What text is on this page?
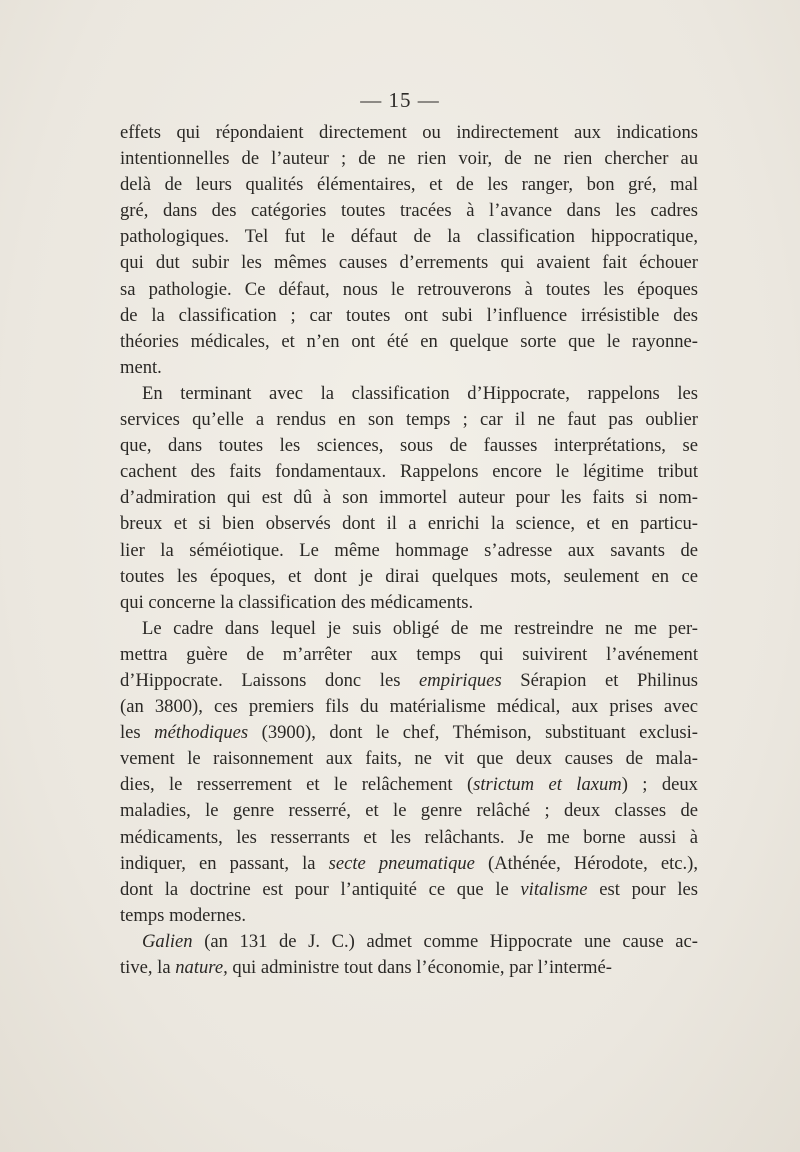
— 15 —

effets qui répondaient directement ou indirectement aux indications
intentionnelles de l’auteur ; de ne rien voir, de ne rien chercher au
delà de leurs qualités élémentaires, et de les ranger, bon gré, mal
gré, dans des catégories toutes tracées à l’avance dans les cadres
pathologiques. Tel fut le défaut de la classification hippocratique,
qui dut subir les mêmes causes d’errements qui avaient fait échouer
sa pathologie. Ce défaut, nous le retrouverons à toutes les époques
de la classification ; car toutes ont subi l’influence irrésistible des
théories médicales, et n’en ont été en quelque sorte que le rayonne-
ment.

En terminant avec la classification d’Hippocrate, rappelons les
services qu’elle a rendus en son temps ; car il ne faut pas oublier
que, dans toutes les sciences, sous de fausses interprétations, se
cachent des faits fondamentaux. Rappelons encore le légitime tribut
d’admiration qui est dû à son immortel auteur pour les faits si nom-
breux et si bien observés dont il a enrichi la science, et en particu-
lier la séméiotique. Le même hommage s’adresse aux savants de
toutes les époques, et dont je dirai quelques mots, seulement en ce
qui concerne la classification des médicaments.

Le cadre dans lequel je suis obligé de me restreindre ne me per-
mettra guère de m’arrêter aux temps qui suivirent l’avénement
d’Hippocrate. Laissons donc les empiriques Sérapion et Philinus
(an 3800), ces premiers fils du matérialisme médical, aux prises avec
les méthodiques (3900), dont le chef, Thémison, substituant exclusi-
vement le raisonnement aux faits, ne vit que deux causes de mala-
dies, le resserrement et le relâchement (strictum et laxum) ; deux
maladies, le genre resserré, et le genre relâché ; deux classes de
médicaments, les resserrants et les relâchants. Je me borne aussi à
indiquer, en passant, la secte pneumatique (Athénée, Hérodote, etc.),
dont la doctrine est pour l’antiquité ce que le vitalisme est pour les
temps modernes.

Galien (an 131 de J. C.) admet comme Hippocrate une cause ac-
tive, la nature, qui administre tout dans l’économie, par l’intermé-
